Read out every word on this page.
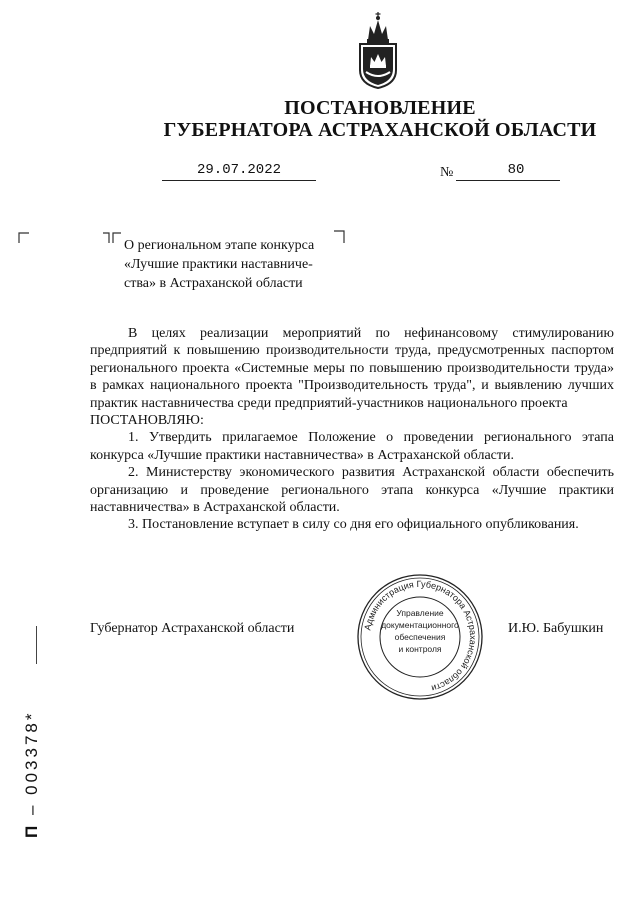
ПОСТАНОВЛЕНИЕ
ГУБЕРНАТОРА АСТРАХАНСКОЙ ОБЛАСТИ
29.07.2022	№	80
О региональном этапе конкурса
«Лучшие практики наставниче-
ства» в Астраханской области

В целях реализации мероприятий по нефинансовому стимулированию предприятий к повышению производительности труда, предусмотренных паспортом регионального проекта «Системные меры по повышению производительности труда» в рамках национального проекта "Производительность труда", и выявлению лучших практик наставничества среди предприятий-участников национального проекта

ПОСТАНОВЛЯЮ:

1. Утвердить прилагаемое Положение о проведении регионального этапа конкурса «Лучшие практики наставничества» в Астраханской области.

2. Министерству экономического развития Астраханской области обеспечить организацию и проведение регионального этапа конкурса «Лучшие практики наставничества» в Астраханской области.

3. Постановление вступает в силу со дня его официального опубликования.

Губернатор Астраханской области	И.Ю. Бабушкин
Администрация Губернатора Астраханской области
Управление
документационного
обеспечения
и контроля
П – 003378*
